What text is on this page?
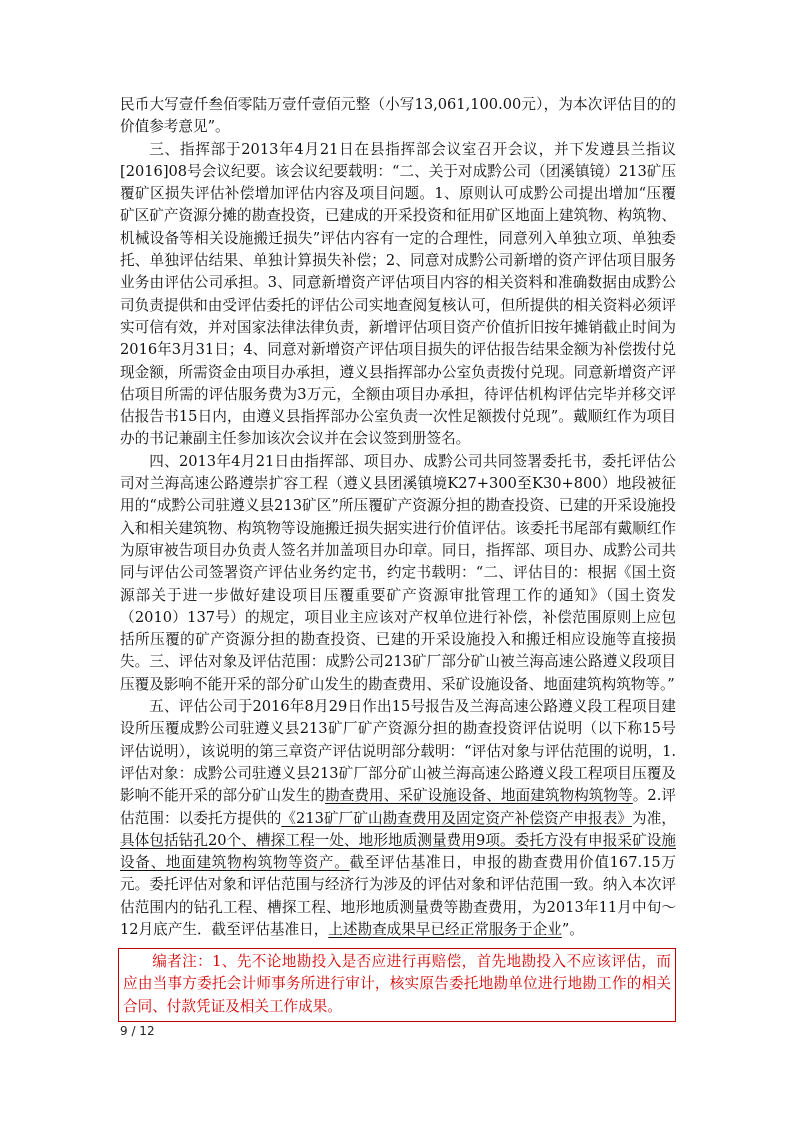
民币大写壹仟叁佰零陆万壹仟壹佰元整（小写13,061,100.00元），为本次评估目的的价值参考意见”。

三、指挥部于2013年4月21日在县指挥部会议室召开会议，并下发遵县兰指议[2016]08号会议纪要。该会议纪要载明：“二、关于对成黔公司（团溪镇镜）213矿压覆矿区损失评估补偿增加评估内容及项目问题。1、原则认可成黔公司提出增加“压覆矿区矿产资源分摊的勘查投资，已建成的开采投资和征用矿区地面上建筑物、构筑物、机械设备等相关设施搬迁损失”评估内容有一定的合理性，同意列入单独立项、单独委托、单独评估结果、单独计算损失补偿；2、同意对成黔公司新增的资产评估项目服务业务由评估公司承担。3、同意新增资产评估项目内容的相关资料和准确数据由成黔公司负责提供和由受评估委托的评估公司实地查阅复核认可，但所提供的相关资料必须评实可信有效，并对国家法律法律负责，新增评估项目资产价值折旧按年摊销截止时间为2016年3月31日；4、同意对新增资产评估项目损失的评估报告结果金额为补偿拨付兑现金额，所需资金由项目办承担，遵义县指挥部办公室负责拨付兑现。同意新增资产评估项目所需的评估服务费为3万元，全额由项目办承担，待评估机构评估完毕并移交评估报告书15日内，由遵义县指挥部办公室负责一次性足额拨付兑现”。戴顺红作为项目办的书记兼副主任参加该次会议并在会议签到册签名。

四、2013年4月21日由指挥部、项目办、成黔公司共同签署委托书，委托评估公司对兰海高速公路遵崇扩容工程（遵义县团溪镇境K27+300至K30+800）地段被征用的“成黔公司驻遵义县213矿区”所压覆矿产资源分担的勘查投资、已建的开采设施投入和相关建筑物、构筑物等设施搬迁损失据实进行价值评估。该委托书尾部有戴顺红作为原审被告项目办负责人签名并加盖项目办印章。同日，指挥部、项目办、成黔公司共同与评估公司签署资产评估业务约定书，约定书载明：“二、评估目的：根据《国土资源部关于进一步做好建设项目压覆重要矿产资源审批管理工作的通知》（国土资发（2010）137号）的规定，项目业主应该对产权单位进行补偿，补偿范围原则上应包括所压覆的矿产资源分担的勘查投资、已建的开采设施投入和搬迁相应设施等直接损失。三、评估对象及评估范围：成黔公司213矿厂部分矿山被兰海高速公路遵义段项目压覆及影响不能开采的部分矿山发生的勘查费用、采矿设施设备、地面建筑构筑物等。”

五、评估公司于2016年8月29日作出15号报告及兰海高速公路遵义段工程项目建设所压覆成黔公司驻遵义县213矿厂矿产资源分担的勘查投资评估说明（以下称15号评估说明），该说明的第三章资产评估说明部分载明：“评估对象与评估范围的说明，1.评估对象：成黔公司驻遵义县213矿厂部分矿山被兰海高速公路遵义段工程项目压覆及影响不能开采的部分矿山发生的勘查费用、采矿设施设备、地面建筑物构筑物等。2.评估范围：以委托方提供的《213矿厂矿山勘查费用及固定资产补偿资产申报表》为准，具体包括钻孔20个、槽探工程一处、地形地质测量费用9项。委托方没有申报采矿设施设备、地面建筑物构筑物等资产。截至评估基准日，申报的勘查费用价值167.15万元。委托评估对象和评估范围与经济行为涉及的评估对象和评估范围一致。纳入本次评估范围内的钻孔工程、槽探工程、地形地质测量费等勘查费用，为2013年11月中旬～12月底产生．截至评估基准日，上述勘查成果早已经正常服务于企业”。

编者注：1、先不论地勘投入是否应进行再赔偿，首先地勘投入不应该评估，而应由当事方委托会计师事务所进行审计，核实原告委托地勘单位进行地勘工作的相关合同、付款凭证及相关工作成果。

9 / 12
